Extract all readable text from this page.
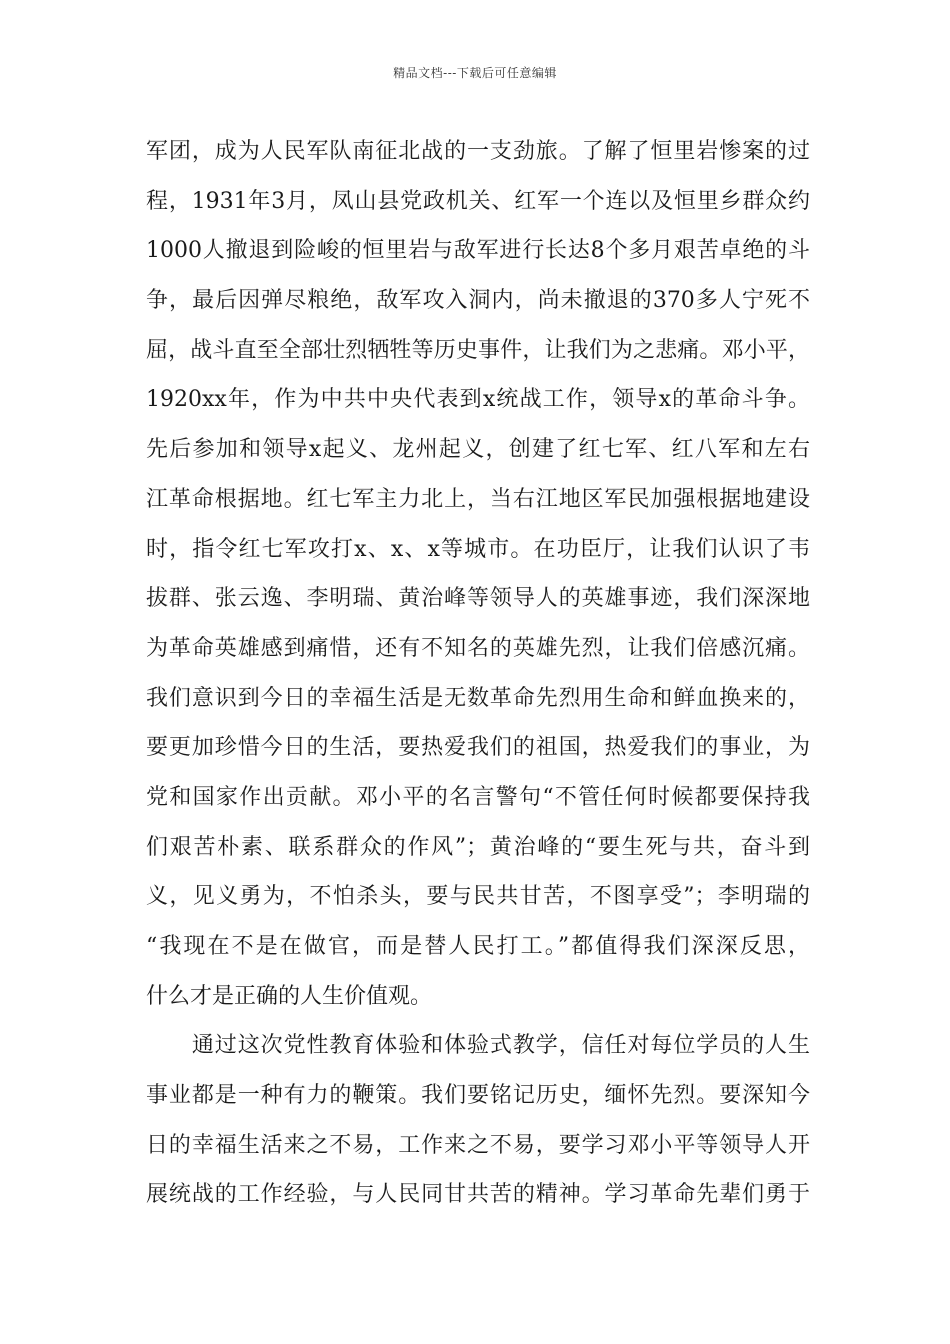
精品文档---下载后可任意编辑
军团，成为人民军队南征北战的一支劲旅。了解了恒里岩惨案的过
程，1931年3月，凤山县党政机关、红军一个连以及恒里乡群众约
1000人撤退到险峻的恒里岩与敌军进行长达8个多月艰苦卓绝的斗
争，最后因弹尽粮绝，敌军攻入洞内，尚未撤退的370多人宁死不
屈，战斗直至全部壮烈牺牲等历史事件，让我们为之悲痛。邓小平，
1920xx年，作为中共中央代表到x统战工作，领导x的革命斗争。
先后参加和领导x起义、龙州起义，创建了红七军、红八军和左右
江革命根据地。红七军主力北上，当右江地区军民加强根据地建设
时，指令红七军攻打x、x、x等城市。在功臣厅，让我们认识了韦
拔群、张云逸、李明瑞、黄治峰等领导人的英雄事迹，我们深深地
为革命英雄感到痛惜，还有不知名的英雄先烈，让我们倍感沉痛。
我们意识到今日的幸福生活是无数革命先烈用生命和鲜血换来的，
要更加珍惜今日的生活，要热爱我们的祖国，热爱我们的事业，为
党和国家作出贡献。邓小平的名言警句“不管任何时候都要保持我
们艰苦朴素、联系群众的作风”；黄治峰的“要生死与共，奋斗到
义，见义勇为，不怕杀头，要与民共甘苦，不图享受”；李明瑞的
“我现在不是在做官，而是替人民打工。”都值得我们深深反思，
什么才是正确的人生价值观。
　　通过这次党性教育体验和体验式教学，信任对每位学员的人生
事业都是一种有力的鞭策。我们要铭记历史，缅怀先烈。要深知今
日的幸福生活来之不易，工作来之不易，要学习邓小平等领导人开
展统战的工作经验，与人民同甘共苦的精神。学习革命先辈们勇于
